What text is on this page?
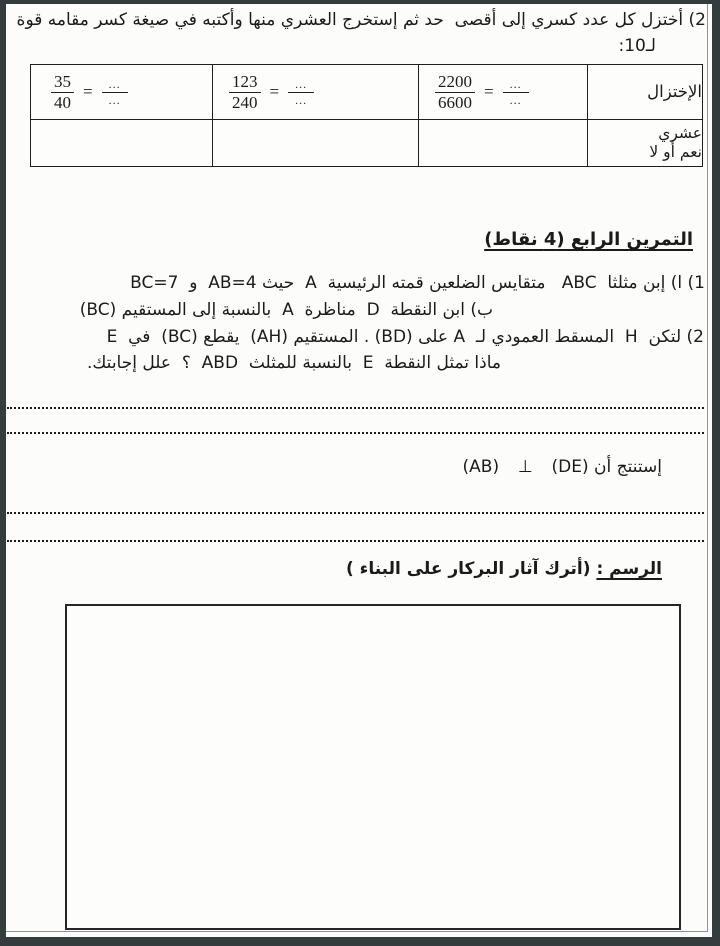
2) أختزل كل عدد كسري إلى أقصى  حد ثم إستخرج العشري منها وأكتبه في صيغة كسر مقامه قوة
لـ10:
الإختزال	$\frac{2200}{6600} = \frac{...}{...}$	$\frac{123}{240} = \frac{...}{...}$	$\frac{35}{40} = \frac{...}{...}$

عشري
نعم أو لا			
التمرين الرابع (4 نقاط)
1) ا) إبن مثلثا  ABC   متقايس الضلعين قمته الرئيسية  A  حيث AB=4  و  BC=7
ب) ابن النقطة  D  مناظرة  A  بالنسبة إلى المستقيم (BC)
2) لتكن  H  المسقط العمودي لـ  A على (BD) . المستقيم (AH)  يقطع (BC)  في  E
ماذا تمثل النقطة  E  بالنسبة للمثلث  ABD  ؟  علل إجابتك.
إستنتج أن (DE)  ⊥  (AB)
الرسم : (أترك آثار البركار على البناء )
